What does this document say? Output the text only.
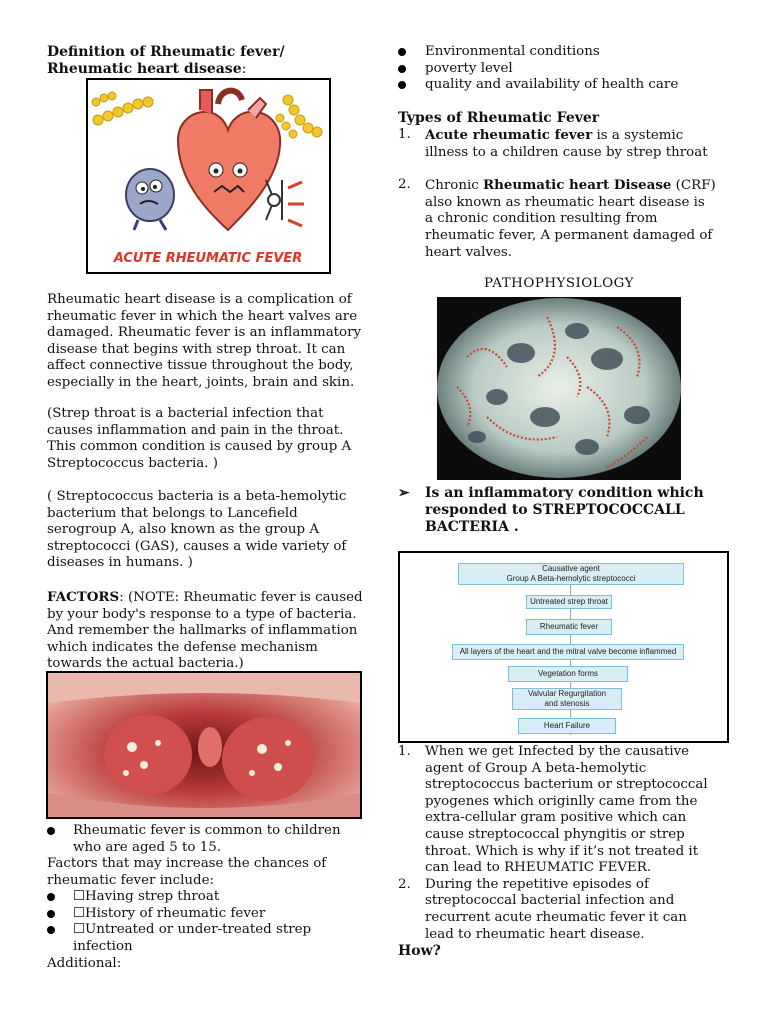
Definition of Rheumatic fever/
Rheumatic heart disease:
ACUTE RHEUMATIC FEVER
Rheumatic heart disease is a complication of rheumatic fever in which the heart valves are damaged. Rheumatic fever is an inflammatory disease that begins with strep throat. It can affect connective tissue throughout the body, especially in the heart, joints, brain and skin.
(Strep throat is a bacterial infection that causes inflammation and pain in the throat. This common condition is caused by group A Streptococcus bacteria. )
( Streptococcus bacteria is a beta-hemolytic bacterium that belongs to Lancefield serogroup A, also known as the group A streptococci (GAS), causes a wide variety of diseases in humans. )
FACTORS: (NOTE: Rheumatic fever is caused by your body's response to a type of bacteria. And remember the hallmarks of inflammation which indicates the defense mechanism towards the actual bacteria.)
Rheumatic fever is common to children who are aged 5 to 15.
Factors that may increase the chances of rheumatic fever include:
☐Having strep throat
☐History of rheumatic fever
☐Untreated or under-treated strep infection
Additional:
Environmental conditions
poverty level
quality and availability of health care
Types of Rheumatic Fever
1.	Acute rheumatic fever is a systemic illness to a children cause by strep throat
2.	Chronic Rheumatic heart Disease (CRF) also known as rheumatic heart disease is a chronic condition resulting from rheumatic fever, A permanent damaged of heart valves.
PATHOPHYSIOLOGY
➢	Is an inflammatory condition which responded to STREPTOCOCCALL BACTERIA .
Causative agent
Group A Beta-hemolytic streptococci
Untreated strep throat
Rheumatic fever
All layers of the heart and the mitral valve become inflammed
Vegetation forms
Valvular Regurgitation
and stenosis
Heart Failure
1.	When we get Infected by the causative agent of Group A beta-hemolytic streptococcus bacterium or streptococcal pyogenes which originlly came from the extra-cellular gram positive which can cause streptococcal phyngitis or strep throat. Which is why if it’s not treated it can lead to RHEUMATIC FEVER.
2.	During the repetitive episodes of streptococcal bacterial infection and recurrent acute rheumatic fever it can lead to rheumatic heart disease.
How?
